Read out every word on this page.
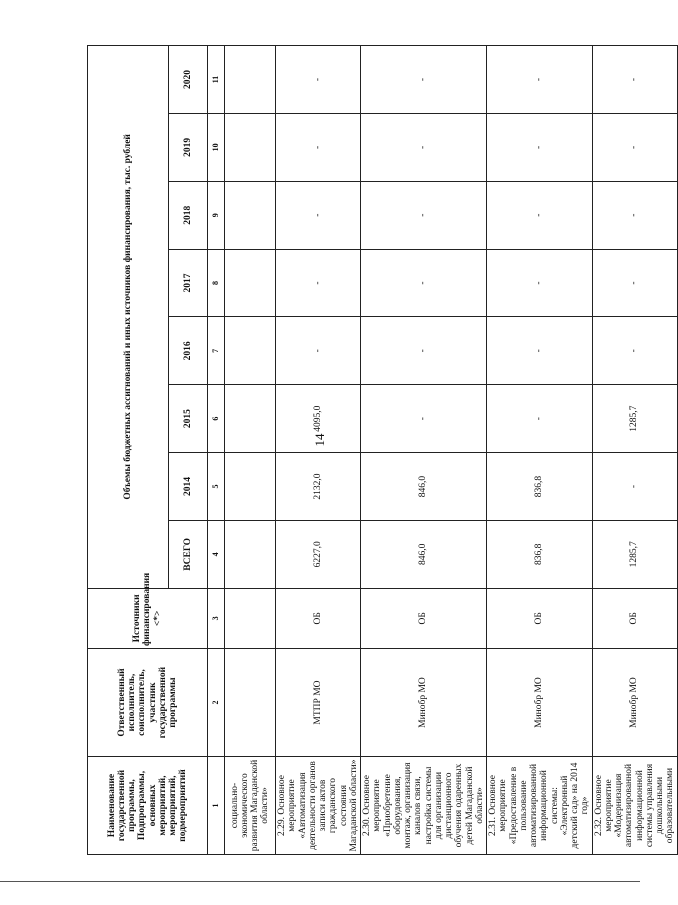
14
Наименование государственной программы, Подпрограммы, основных мероприятий, мероприятий, подмероприятий	Ответственный исполнитель, соисполнитель, участник государственной программы	Источники финансирования <*>	Объемы бюджетных ассигнований и иных источников финансирования, тыс. рублей							
			ВСЕГО	2014	2015	2016	2017	2018	2019	2020
1	2	3	4	5	6	7	8	9	10	11
социально-экономического развития Магаданской области»										
2.29. Основное мероприятие «Автоматизация деятельности органов записи актов гражданского состояния Магаданской области»	МТПР МО	ОБ	6227,0	2132,0	4095,0	-	-	-	-	-
2.30. Основное мероприятие «Приобретение оборудования, монтаж, организация каналов связи, настройка системы для организации дистанционного обучения одаренных детей Магаданской области»	Минобр МО	ОБ	846,0	846,0	-	-	-	-	-	-
2.31. Основное мероприятие «Предоставление в пользование автоматизированной информационной системы: «Электронный детский сад» на 2014 год»	Минобр МО	ОБ	836,8	836,8	-	-	-	-	-	-
2.32. Основное мероприятие «Модернизация автоматизированной информационной системы управления дошкольными образовательными	Минобр МО	ОБ	1285,7	-	1285,7	-	-	-	-	-
